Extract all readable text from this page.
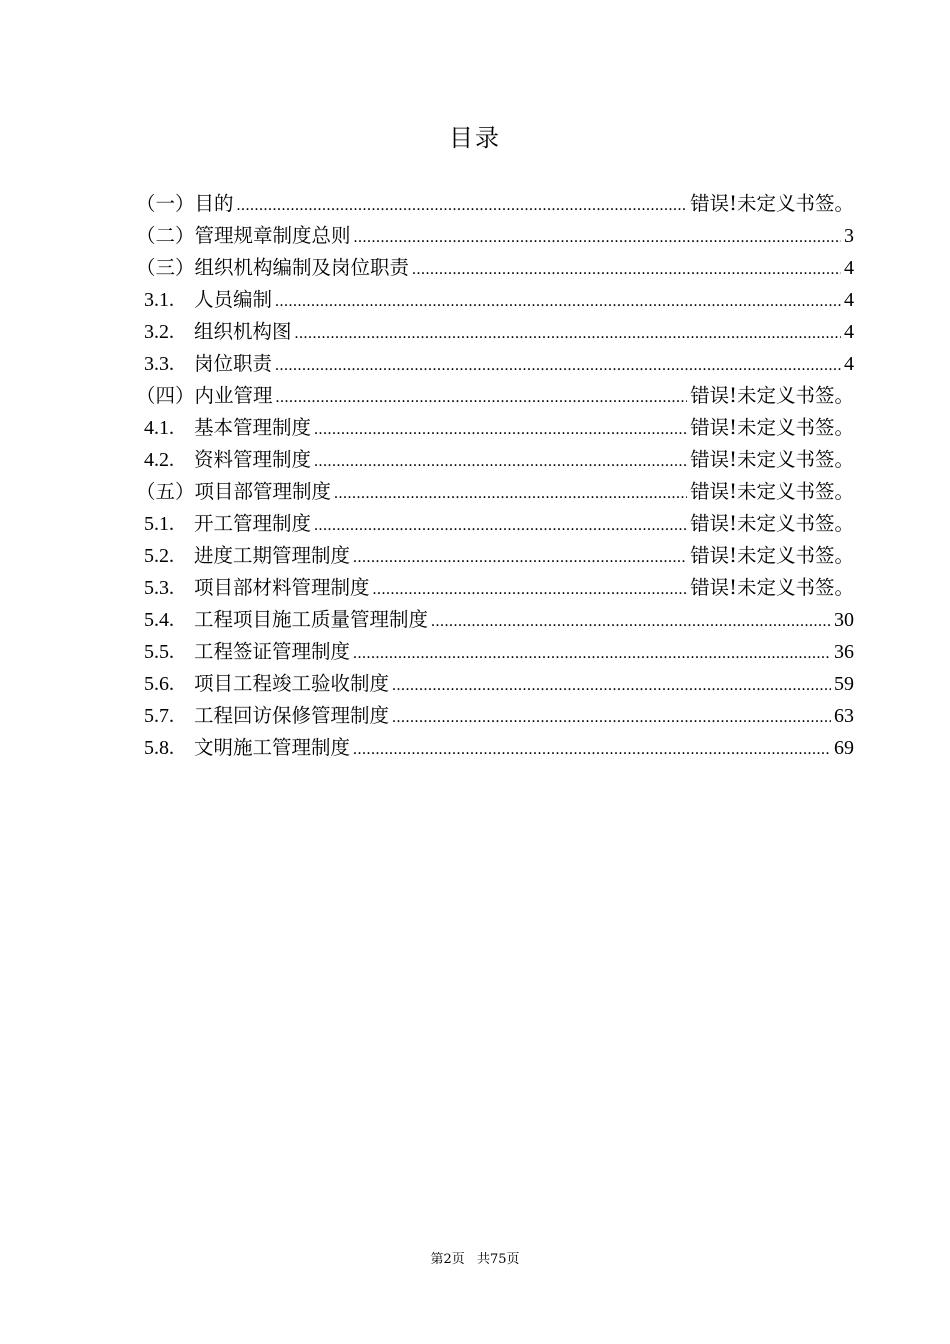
目录
（一） 目的 .....	错误!未定义书签。
（二） 管理规章制度总则 .....	3
（三） 组织机构编制及岗位职责 .....	4
3.1.	人员编制 .....	4
3.2.	组织机构图 .....	4
3.3.	岗位职责 .....	4
（四） 内业管理 .....	错误!未定义书签。
4.1.	基本管理制度 .....	错误!未定义书签。
4.2.	资料管理制度 .....	错误!未定义书签。
（五） 项目部管理制度 .....	错误!未定义书签。
5.1.	开工管理制度 .....	错误!未定义书签。
5.2.	进度工期管理制度 .....	错误!未定义书签。
5.3.	项目部材料管理制度 .....	错误!未定义书签。
5.4.	工程项目施工质量管理制度 .....	30
5.5.	工程签证管理制度 .....	36
5.6.	项目工程竣工验收制度 .....	59
5.7.	工程回访保修管理制度 .....	63
5.8.	文明施工管理制度 .....	69
第2页 共75页
